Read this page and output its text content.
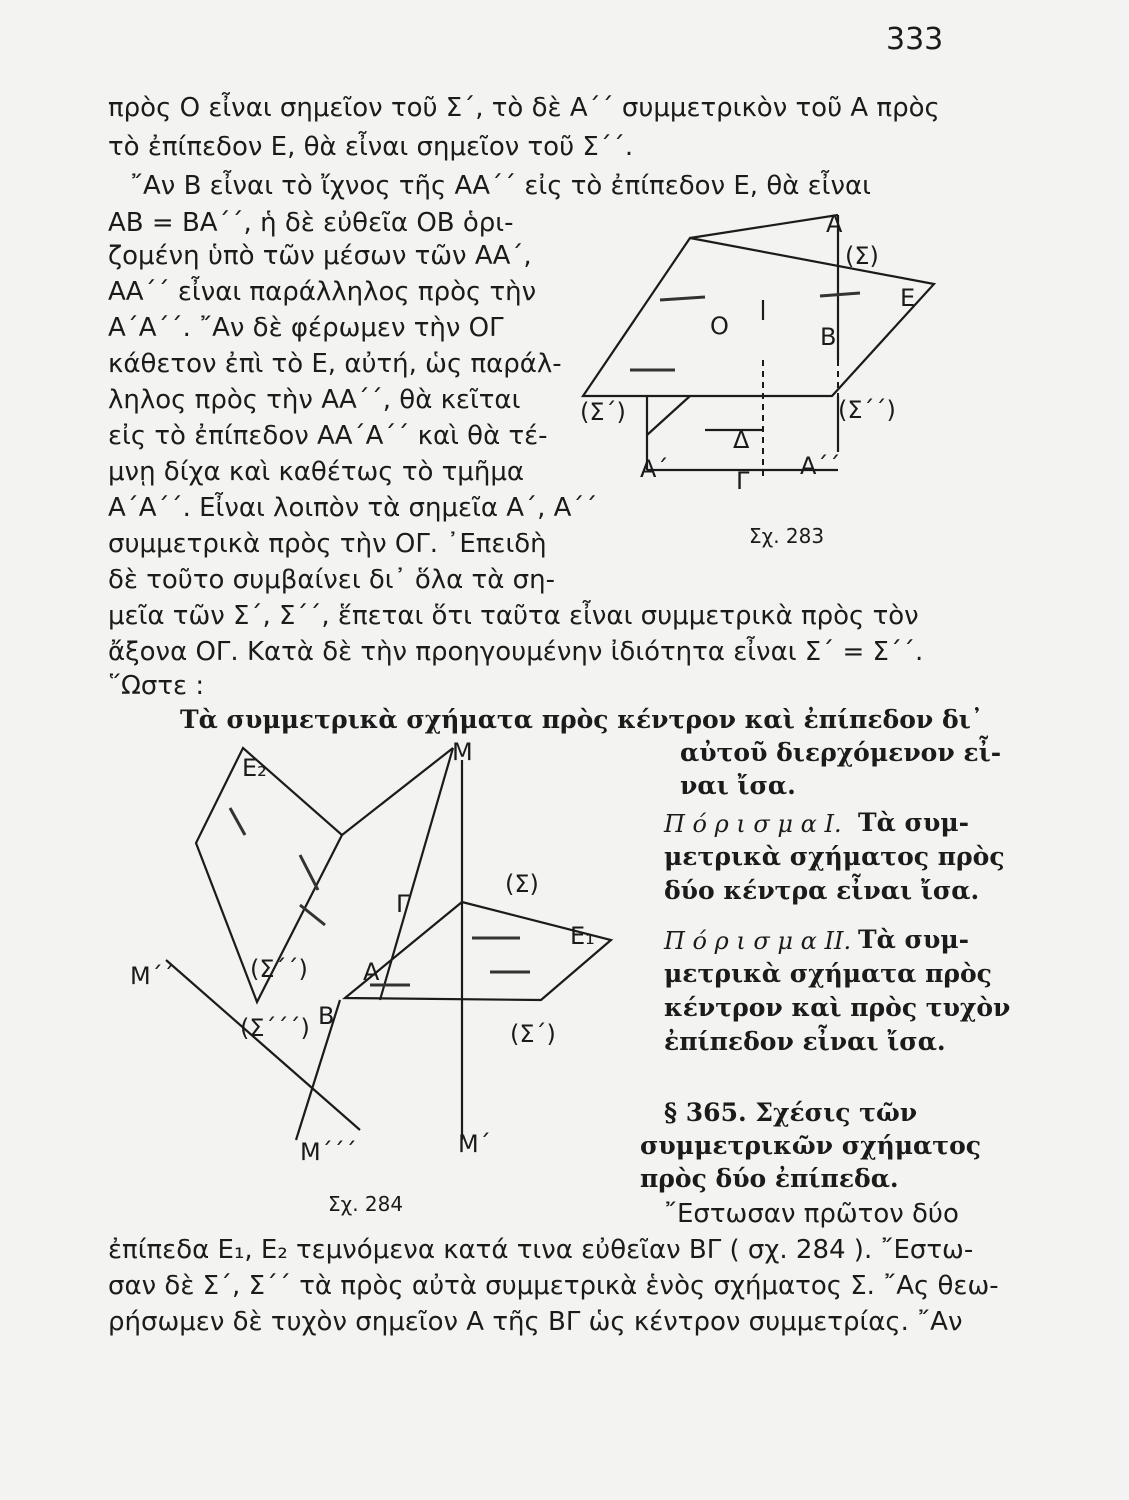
333
πρὸς Ο εἶναι σημεῖον τοῦ Σ΄, τὸ δὲ Α΄΄ συμμετρικὸν τοῦ Α πρὸς
τὸ ἐπίπεδον Ε, θὰ εἶναι σημεῖον τοῦ Σ΄΄.
῎Αν Β εἶναι τὸ ἴχνος τῆς ΑΑ΄΄ εἰς τὸ ἐπίπεδον Ε, θὰ εἶναι
ΑΒ = ΒΑ΄΄, ἡ δὲ εὐθεῖα ΟΒ ὁρι-
ζομένη ὑπὸ τῶν μέσων τῶν ΑΑ΄,
ΑΑ΄΄ εἶναι παράλληλος πρὸς τὴν
Α΄Α΄΄. ῎Αν δὲ φέρωμεν τὴν ΟΓ
κάθετον ἐπὶ τὸ Ε, αὐτή, ὡς παράλ-
ληλος πρὸς τὴν ΑΑ΄΄, θὰ κεῖται
εἰς τὸ ἐπίπεδον ΑΑ΄Α΄΄ καὶ θὰ τέ-
μνῃ δίχα καὶ καθέτως τὸ τμῆμα
Α΄Α΄΄. Εἶναι λοιπὸν τὰ σημεῖα Α΄, Α΄΄
συμμετρικὰ πρὸς τὴν ΟΓ. ᾿Επειδὴ
δὲ τοῦτο συμβαίνει δι᾿ ὅλα τὰ ση-
μεῖα τῶν Σ΄, Σ΄΄, ἕπεται ὅτι ταῦτα εἶναι συμμετρικὰ πρὸς τὸν
ἄξονα ΟΓ. Κατὰ δὲ τὴν προηγουμένην ἰδιότητα εἶναι Σ΄ = Σ΄΄.
῞Ωστε :
Τὰ συμμετρικὰ σχήματα πρὸς κέντρον καὶ ἐπίπεδον δι᾿
αὐτοῦ διερχόμενον εἶ-
ναι ἴσα.
Π ό ρ ι σ μ α Ι. Τὰ συμ-
μετρικὰ σχήματος πρὸς
δύο κέντρα εἶναι ἴσα.
Π ό ρ ι σ μ α ΙΙ. Τὰ συμ-
μετρικὰ σχήματα πρὸς
κέντρον καὶ πρὸς τυχὸν
ἐπίπεδον εἶναι ἴσα.
§ 365. Σχέσις τῶν
συμμετρικῶν σχήματος
πρὸς δύο ἐπίπεδα.
῎Εστωσαν πρῶτον δύο
ἐπίπεδα Ε₁, Ε₂ τεμνόμενα κατά τινα εὐθεῖαν ΒΓ ( σχ. 284 ). ῎Εστω-
σαν δὲ Σ΄, Σ΄΄ τὰ πρὸς αὐτὰ συμμετρικὰ ἑνὸς σχήματος Σ. ῎Ας θεω-
ρήσωμεν δὲ τυχὸν σημεῖον Α τῆς ΒΓ ὡς κέντρον συμμετρίας. ῎Αν
Α
(Σ)
Ε
Ο	Β
(Σ΄)	(Σ΄΄)
Δ
Α΄	Γ
Α΄΄
Σχ. 283
Ε₂
Μ
(Σ)
Γ
Ε₁
Μ΄΄	(Σ΄΄) Α
(Σ΄΄΄) Β
(Σ΄)
Μ΄΄΄	Μ΄
Σχ. 284
